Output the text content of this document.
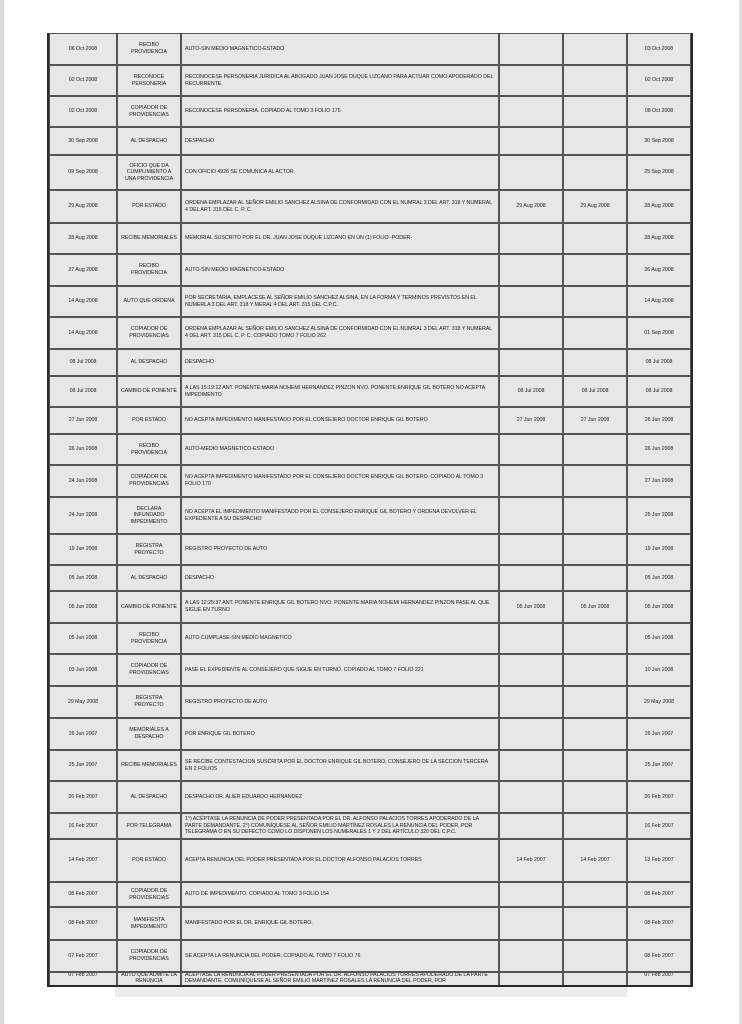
06 Oct 2008	RECIBO PROVIDENCIA	AUTO-SIN MEDIO MAGNETICO-ESTADO			03 Oct 2008
02 Oct 2008	RECONOCE PERSONERIA	RECONOCESE PERSONERIA JURIDICA AL ABOGADO JUAN JOSE DUQUE LIZCANO PARA ACTUAR COMO APODERADO DEL RECURRENTE.			02 Oct 2008
02 Oct 2008	COPIADOR DE PROVIDENCIAS	RECONOCESE PERSONERIA. COPIADO AL TOMO 3 FOLIO 175			08 Oct 2008
30 Sep 2008	AL DESPACHO	DESPACHO			30 Sep 2008
09 Sep 2008	OFICIO QUE DA CUMPLIMIENTO A UNA PROVIDENCIA	CON OFICIO 4926 SE COMUNICA AL ACTOR.			25 Sep 2008
29 Aug 2008	POR ESTADO	ORDENA EMPLAZAR AL SEÑOR EMILIO SANCHEZ ALSINA DE CONFORMIDAD CON EL NUMRAL 3 DEL ART. 318 Y NUMERAL 4 DEL ART. 315 DEL C. P. C.	29 Aug 2008	29 Aug 2008	28 Aug 2008
28 Aug 2008	RECIBE MEMORIALES	MEMORIAL SUSCRITO POR EL DR. JUAN JOSE DUQUE LIZCANO EN UN (1) FOLIO -PODER-			28 Aug 2008
27 Aug 2008	RECIBO PROVIDENCIA	AUTO-SIN MEDIO MAGNETICO-ESTADO			26 Aug 2008
14 Aug 2008	AUTO QUE ORDENA	POR SECRETARIA, EMPLACESE AL SEÑOR EMILIO SANCHEZ ALSINA, EN LA FORMA Y TERMINOS PREVISTOS EN EL NUMERLA 3 DEL ART. 318 Y MERAL 4 DEL ART. 315 DEL C.P.C.			14 Aug 2008
14 Aug 2008	COPIADOR DE PROVIDENCIAS	ORDENA EMPLAZAR AL SEÑOR EMILIO SANCHEZ ALSINA DE CONFORMIDAD CON EL NUMRAL 3 DEL ART. 318 Y NUMERAL 4 DEL ART. 315 DEL C. P. C. COPIADO TOMO 7 FOLIO 262			01 Sep 2008
08 Jul 2008	AL DESPACHO	DESPACHO			08 Jul 2008
08 Jul 2008	CAMBIO DE PONENTE	A LAS 15:19:12 ANT. PONENTE:MARIA NOHEMI HERNANDEZ PINZON NVO. PONENTE:ENRIQUE GIL BOTERO NO ACEPTA IMPEDIMENTO	08 Jul 2008	08 Jul 2008	08 Jul 2008
27 Jun 2008	POR ESTADO	NO ACEPTA IMPEDIMENTO MANIFESTADO POR EL CONSEJERO DOCTOR ENRIQUE GIL BOTERO	27 Jun 2008	27 Jun 2008	26 Jun 2008
26 Jun 2008	RECIBO PROVIDENCIA	AUTO-MEDIO MAGNETICO-ESTADO			26 Jun 2008
24 Jun 2008	COPIADOR DE PROVIDENCIAS	NO ACEPTA IMPEDIMENTO MANIFESTADO POR EL CONSEJERO DOCTOR ENRIQUE GIL BOTERO. COPIADO AL TOMO 3 FOLIO 170			27 Jun 2008
24 Jun 2008	DECLARA INFUNDADO IMPEDIMENTO	NO ACEPTA EL IMPEDIMENTO MANIFESTADO POR EL CONSEJERO ENRIQUE GIL BOTERO Y ORDENA DEVOLVER EL EXPEDIENTE A SU DESPACHO			25 Jun 2008
19 Jun 2008	REGISTRA PROYECTO	REGISTRO PROYECTO DE AUTO			19 Jun 2008
05 Jun 2008	AL DESPACHO	DESPACHO			05 Jun 2008
05 Jun 2008	CAMBIO DE PONENTE	A LAS 12:25:37 ANT. PONENTE:ENRIQUE GIL BOTERO NVO. PONENTE:MARIA NOHEMI HERNANDEZ PINZON PASE AL QUE SIGUE EN TURNO	05 Jun 2008	05 Jun 2008	05 Jun 2008
05 Jun 2008	RECIBO PROVIDENCIA	AUTO CUMPLASE-SIN MEDIO MAGNETICO			05 Jun 2008
03 Jun 2008	COPIADOR DE PROVIDENCIAS	PASE EL EXPEDIENTE AL CONSEJERO QUE SIGUE EN TURNO. COPIADO AL TOMO 7 FOLIO 221			10 Jun 2008
29 May 2008	REGISTRA PROYECTO	REGISTRO PROYECTO DE AUTO			29 May 2008
26 Jun 2007	MEMORIALES A DESPACHO	POR ENRIQUE GIL BOTERO			26 Jun 2007
25 Jun 2007	RECIBE MEMORIALES	SE RECIBE CONTESTACION SUSCRITA POR EL DOCTOR ENRIQUE GIL BOTERO, CONSEJERO DE LA SECCION TERCERA EN 2 FOLIOS			25 Jun 2007
26 Feb 2007	AL DESPACHO	DESPACHO DR. ALIER EDUARDO HERNANDEZ			26 Feb 2007
16 Feb 2007	POR TELEGRAMA	1°) ACÉPTASE LA RENUNCIA DE PODER PRESENTADA POR EL DR. ALFONSO PALACIOS TORRES APODERADO DE LA PARTE DEMANDANTE. 2°) COMUNÍQUESE AL SEÑOR EMILIO MARTÍNEZ ROSALES LA RENUNCIA DEL PODER, POR TELEGRAMA O EN SU DEFECTO COMO LO DISPONEN LOS NUMERALES 1 Y 2 DEL ARTÍCULO 320 DEL C.P.C.			16 Feb 2007
14 Feb 2007	POR ESTADO	ACEPTA RENUNCIA DEL PODER PRESENTADA POR EL DOCTOR ALFONSO PALACIOS TORRES	14 Feb 2007	14 Feb 2007	13 Feb 2007
08 Feb 2007	COPIADOR DE PROVIDENCIAS	AUTO DE IMPEDIMENTO. COPIADO AL TOMO 3 FOLIO 154			08 Feb 2007
08 Feb 2007	MANIFIESTA IMPEDIMENTO	MANIFESTADO POR EL DR. ENRIQUE GIL BOTERO.			08 Feb 2007
07 Feb 2007	COPIADOR DE PROVIDENCIAS	SE ACEPTA LA RENUNCIA DEL PODER. COPIADO AL TOMO 7 FOLIO 76			08 Feb 2007
07 Feb 2007	AUTO QUE ADMITE LA RENUNCIA	ACÉPTASE LA RENUNCIA AL PODER PRESENTADA POR EL DR. ALFONSO PALACIOS TORRES APODERADO DE LA PARTE DEMANDANTE. COMUNÍQUESE AL SEÑOR EMILIO MARTÍNEZ ROSALES LA RENUNCIA DEL PODER, POR			07 Feb 2007
